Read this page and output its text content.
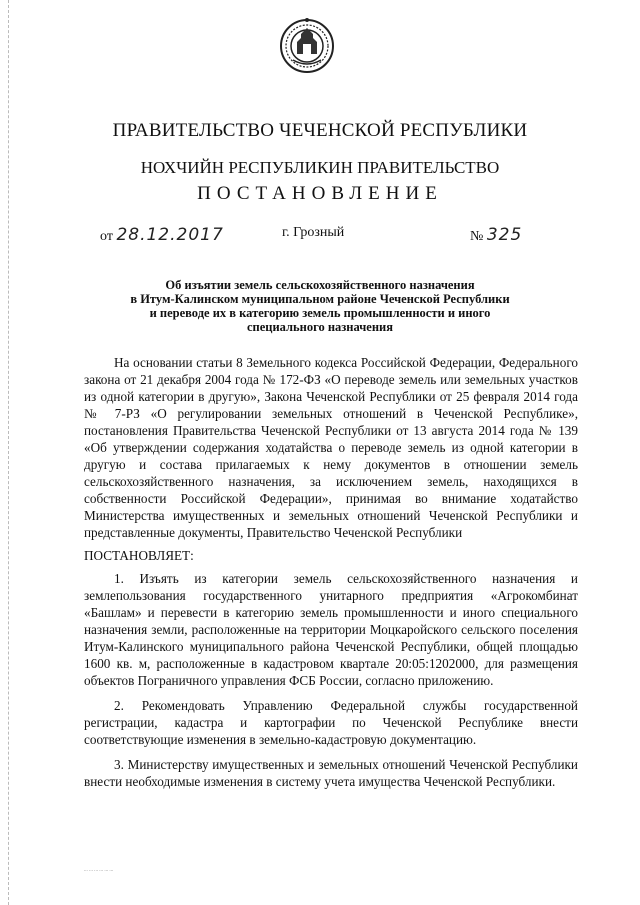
ПРАВИТЕЛЬСТВО ЧЕЧЕНСКОЙ РЕСПУБЛИКИ
НОХЧИЙН РЕСПУБЛИКИН ПРАВИТЕЛЬСТВО
ПОСТАНОВЛЕНИЕ
от 28.12.2017	г. Грозный	№ 325
Об изъятии земель сельскохозяйственного назначения
в Итум-Калинском муниципальном районе Чеченской Республики
и переводе их в категорию земель промышленности и иного
специального назначения

На основании статьи 8 Земельного кодекса Российской Федерации, Федерального закона от 21 декабря 2004 года № 172-ФЗ «О переводе земель или земельных участков из одной категории в другую», Закона Чеченской Республики от 25 февраля 2014 года № 7-РЗ «О регулировании земельных отношений в Чеченской Республике», постановления Правительства Чеченской Республики от 13 августа 2014 года № 139 «Об утверждении содержания ходатайства о переводе земель из одной категории в другую и состава прилагаемых к нему документов в отношении земель сельскохозяйственного назначения, за исключением земель, находящихся в собственности Российской Федерации», принимая во внимание ходатайство Министерства имущественных и земельных отношений Чеченской Республики и представленные документы, Правительство Чеченской Республики

ПОСТАНОВЛЯЕТ:

1. Изъять из категории земель сельскохозяйственного назначения и землепользования государственного унитарного предприятия «Агрокомбинат «Башлам» и перевести в категорию земель промышленности и иного специального назначения земли, расположенные на территории Моцкаройского сельского поселения Итум-Калинского муниципального района Чеченской Республики, общей площадью 1600 кв. м, расположенные в кадастровом квартале 20:05:1202000, для размещения объектов Пограничного управления ФСБ России, согласно приложению.

2. Рекомендовать Управлению Федеральной службы государственной регистрации, кадастра и картографии по Чеченской Республике внести соответствующие изменения в земельно-кадастровую документацию.

3. Министерству имущественных и земельных отношений Чеченской Республики внести необходимые изменения в систему учета имущества Чеченской Республики.

··· ··· ··· ··· ··· ···
